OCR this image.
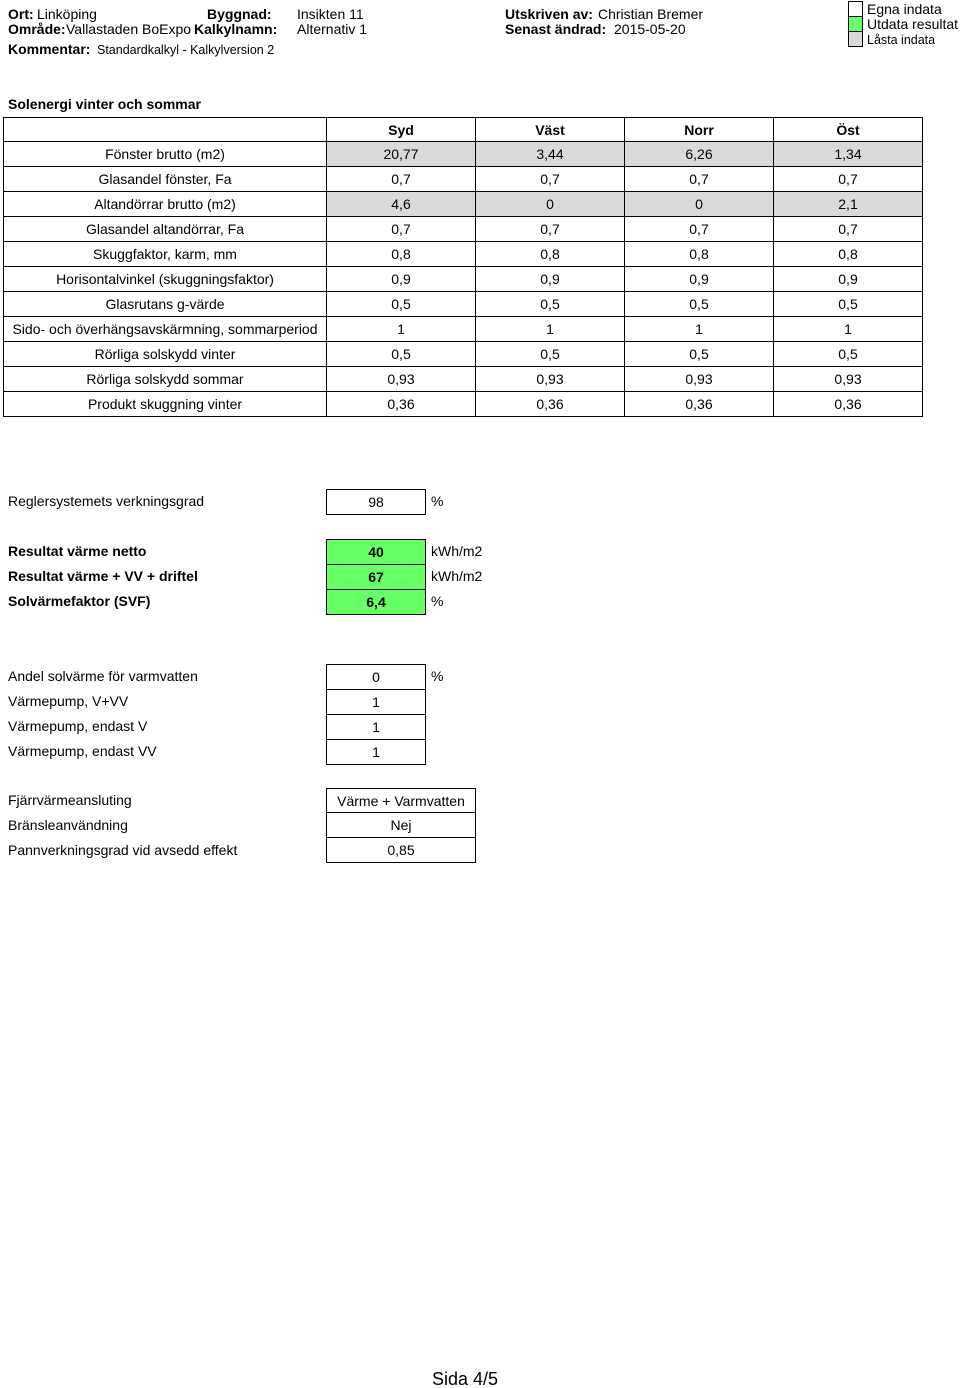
Ort: Linköping
Område: Vallastaden BoExpo
Kommentar: Standardkalkyl - Kalkylversion 2
Byggnad: Insikten 11
Kalkylnamn: Alternativ 1
Utskriven av: Christian Bremer
Senast ändrad: 2015-05-20
Egna indata
Utdata resultat
Låsta indata
Solenergi vinter och sommar
	Syd	Väst	Norr	Öst
Fönster brutto (m2)	20,77	3,44	6,26	1,34
Glasandel fönster, Fa	0,7	0,7	0,7	0,7
Altandörrar brutto (m2)	4,6	0	0	2,1
Glasandel altandörrar, Fa	0,7	0,7	0,7	0,7
Skuggfaktor, karm, mm	0,8	0,8	0,8	0,8
Horisontalvinkel (skuggningsfaktor)	0,9	0,9	0,9	0,9
Glasrutans g-värde	0,5	0,5	0,5	0,5
Sido- och överhängsavskärmning, sommarperiod	1	1	1	1
Rörliga solskydd vinter	0,5	0,5	0,5	0,5
Rörliga solskydd sommar	0,93	0,93	0,93	0,93
Produkt skuggning vinter	0,36	0,36	0,36	0,36
Reglersystemets verkningsgrad	98	%
Resultat värme netto	40	kWh/m2
Resultat värme + VV + driftel	67	kWh/m2
Solvärmefaktor (SVF)	6,4	%
Andel solvärme för varmvatten	0	%
Värmepump, V+VV	1
Värmepump, endast V	1
Värmepump, endast VV	1
Fjärrvärmeansluting	Värme + Varmvatten
Bränsleanvändning	Nej
Pannverkningsgrad vid avsedd effekt	0,85
Sida 4/5
